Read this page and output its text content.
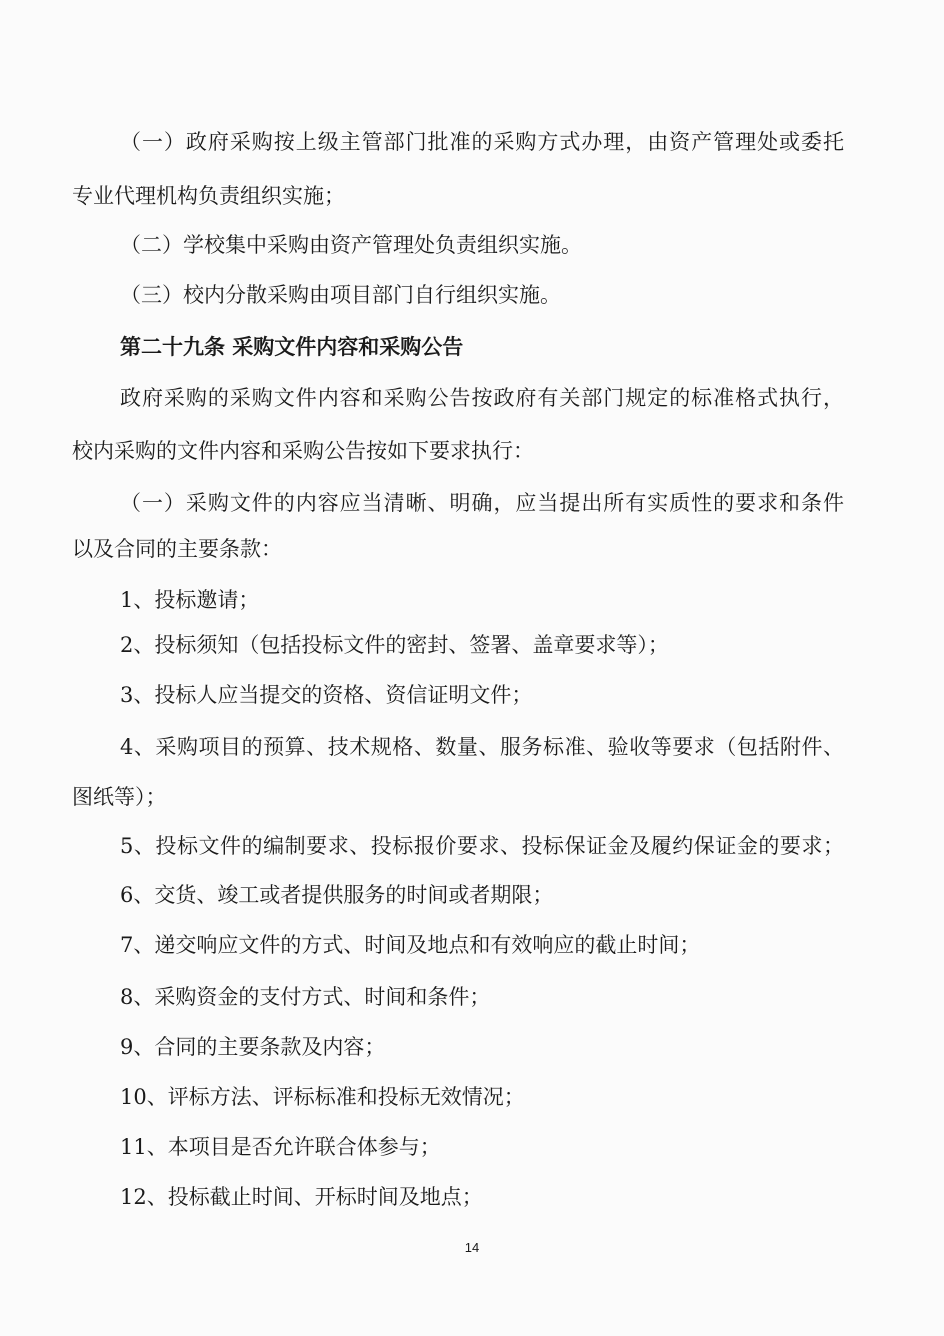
（一）政府采购按上级主管部门批准的采购方式办理，由资产管理处或委托
专业代理机构负责组织实施；
（二）学校集中采购由资产管理处负责组织实施。
（三）校内分散采购由项目部门自行组织实施。
第二十九条 采购文件内容和采购公告
政府采购的采购文件内容和采购公告按政府有关部门规定的标准格式执行，
校内采购的文件内容和采购公告按如下要求执行：
（一）采购文件的内容应当清晰、明确，应当提出所有实质性的要求和条件
以及合同的主要条款：
1、投标邀请；
2、投标须知（包括投标文件的密封、签署、盖章要求等）；
3、投标人应当提交的资格、资信证明文件；
4、采购项目的预算、技术规格、数量、服务标准、验收等要求（包括附件、
图纸等）；
5、投标文件的编制要求、投标报价要求、投标保证金及履约保证金的要求；
6、交货、竣工或者提供服务的时间或者期限；
7、递交响应文件的方式、时间及地点和有效响应的截止时间；
8、采购资金的支付方式、时间和条件；
9、合同的主要条款及内容；
10、评标方法、评标标准和投标无效情况；
11、本项目是否允许联合体参与；
12、投标截止时间、开标时间及地点；
14
